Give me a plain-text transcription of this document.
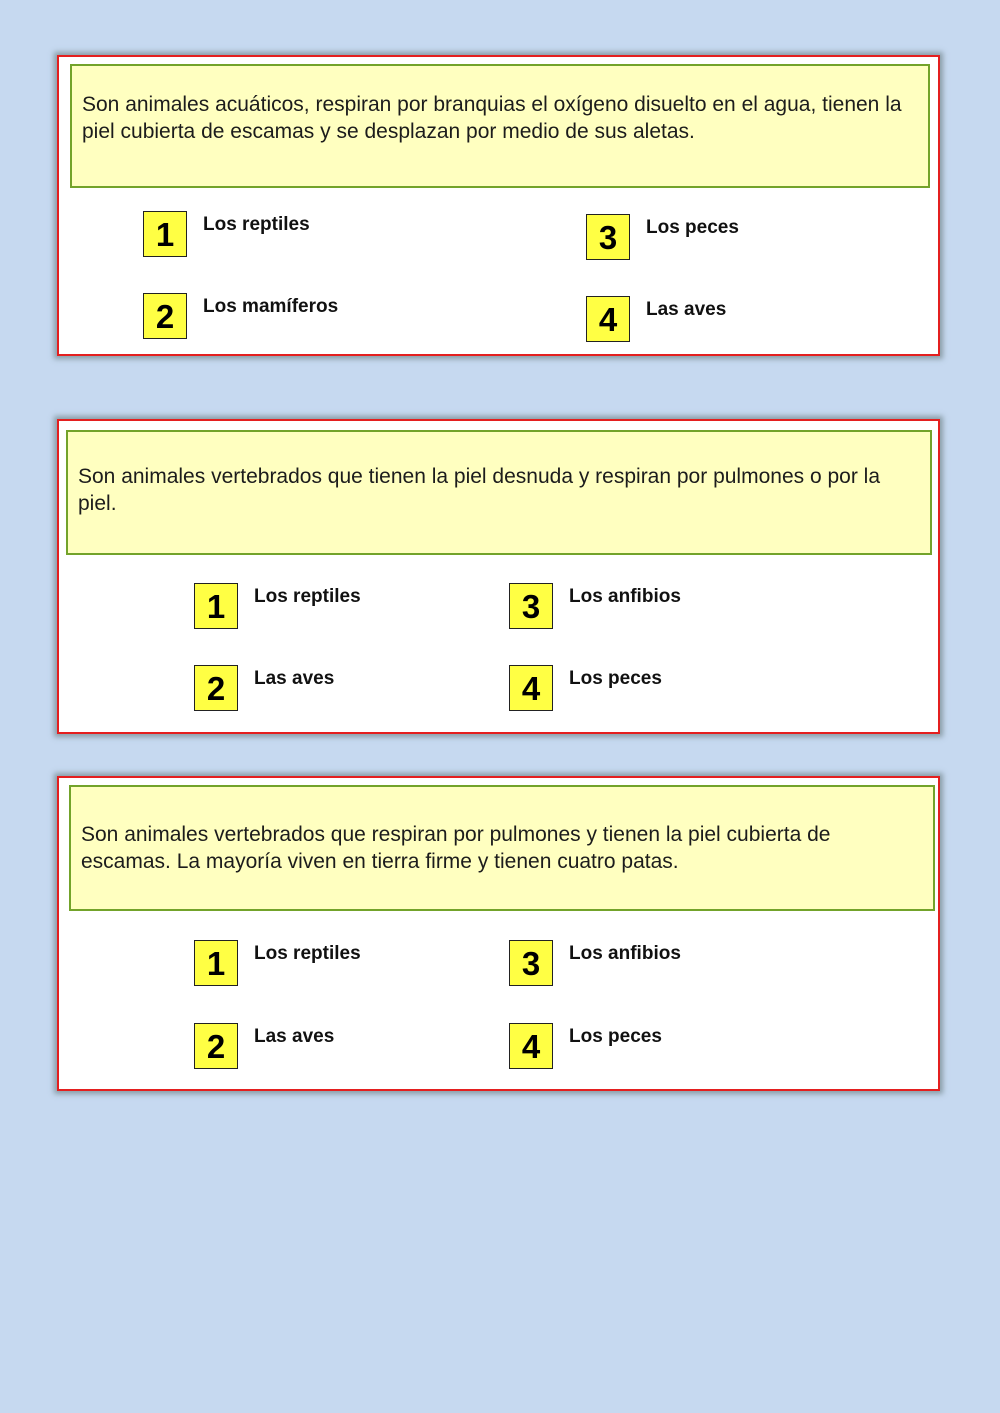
Son animales acuáticos, respiran por branquias el oxígeno disuelto en el agua, tienen la piel cubierta de escamas y se desplazan por medio de sus aletas.
1	Los reptiles
2	Los mamíferos
3	Los peces
4	Las aves
Son animales vertebrados que tienen la piel desnuda y respiran por pulmones o por la piel.
1	Los reptiles
2	Las aves
3	Los anfibios
4	Los peces
Son animales vertebrados que respiran por pulmones y tienen la piel cubierta de escamas. La mayoría viven en tierra firme y tienen cuatro patas.
1	Los reptiles
2	Las aves
3	Los anfibios
4	Los peces
